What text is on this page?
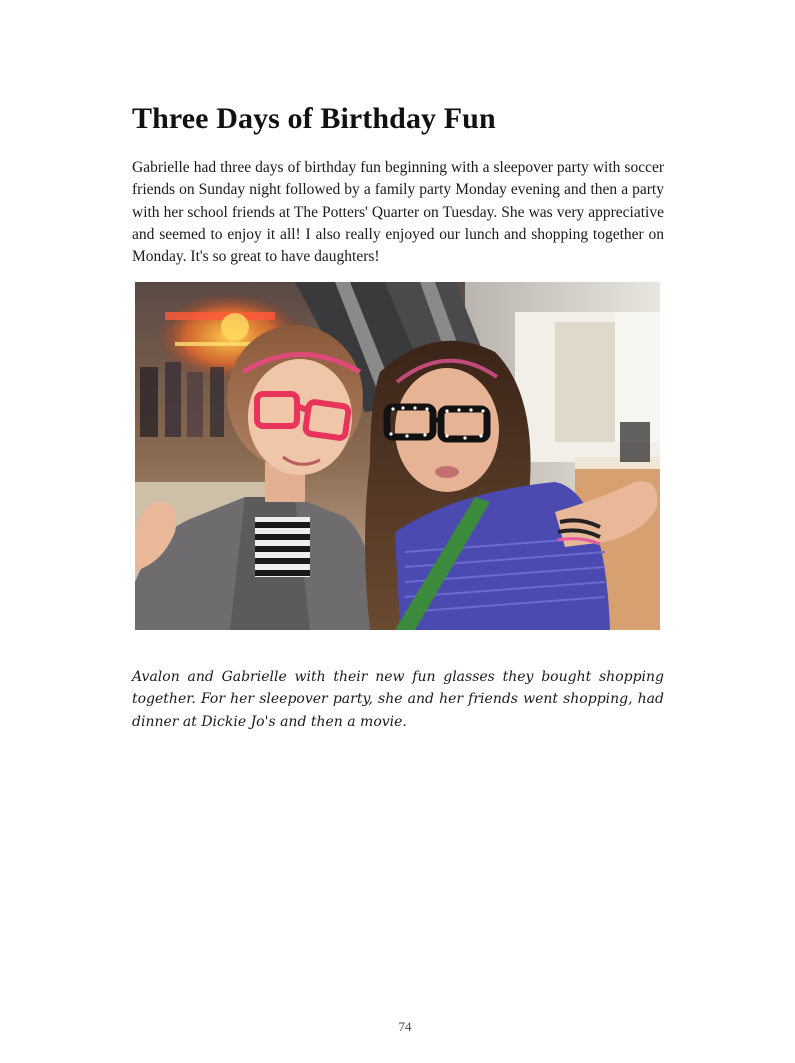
Three Days of Birthday Fun

Gabrielle had three days of birthday fun beginning with a sleepover party with soccer friends on Sunday night followed by a family party Monday evening and then a party with her school friends at The Potters' Quarter on Tuesday. She was very appreciative and seemed to enjoy it all! I also really enjoyed our lunch and shopping together on Monday. It's so great to have daughters!

Avalon and Gabrielle with their new fun glasses they bought shopping together. For her sleepover party, she and her friends went shopping, had dinner at Dickie Jo's and then a movie.

74
